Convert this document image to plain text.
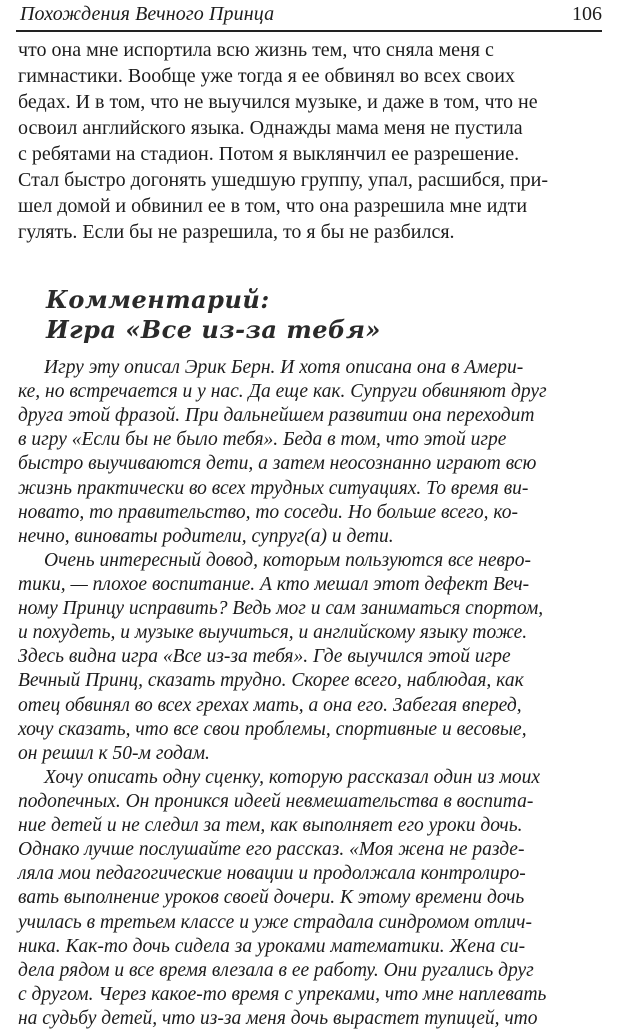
Похождения Вечного Принца	106
что она мне испортила всю жизнь тем, что сняла меня с
гимнастики. Вообще уже тогда я ее обвинял во всех своих
бедах. И в том, что не выучился музыке, и даже в том, что не
освоил английского языка. Однажды мама меня не пустила
с ребятами на стадион. Потом я выклянчил ее разрешение.
Стал быстро догонять ушедшую группу, упал, расшибся, при-
шел домой и обвинил ее в том, что она разрешила мне идти
гулять. Если бы не разрешила, то я бы не разбился.
Комментарий:
Игра «Все из-за тебя»
Игру эту описал Эрик Берн. И хотя описана она в Амери-
ке, но встречается и у нас. Да еще как. Супруги обвиняют друг
друга этой фразой. При дальнейшем развитии она переходит
в игру «Если бы не было тебя». Беда в том, что этой игре
быстро выучиваются дети, а затем неосознанно играют всю
жизнь практически во всех трудных ситуациях. То время ви-
новато, то правительство, то соседи. Но больше всего, ко-
нечно, виноваты родители, супруг(а) и дети.
Очень интересный довод, которым пользуются все невро-
тики, — плохое воспитание. А кто мешал этот дефект Веч-
ному Принцу исправить? Ведь мог и сам заниматься спортом,
и похудеть, и музыке выучиться, и английскому языку тоже.
Здесь видна игра «Все из-за тебя». Где выучился этой игре
Вечный Принц, сказать трудно. Скорее всего, наблюдая, как
отец обвинял во всех грехах мать, а она его. Забегая вперед,
хочу сказать, что все свои проблемы, спортивные и весовые,
он решил к 50-м годам.
Хочу описать одну сценку, которую рассказал один из моих
подопечных. Он проникся идеей невмешательства в воспита-
ние детей и не следил за тем, как выполняет его уроки дочь.
Однако лучше послушайте его рассказ. «Моя жена не разде-
ляла мои педагогические новации и продолжала контролиро-
вать выполнение уроков своей дочери. К этому времени дочь
училась в третьем классе и уже страдала синдромом отлич-
ника. Как-то дочь сидела за уроками математики. Жена си-
дела рядом и все время влезала в ее работу. Они ругались друг
с другом. Через какое-то время с упреками, что мне наплевать
на судьбу детей, что из-за меня дочь вырастет тупицей, что
